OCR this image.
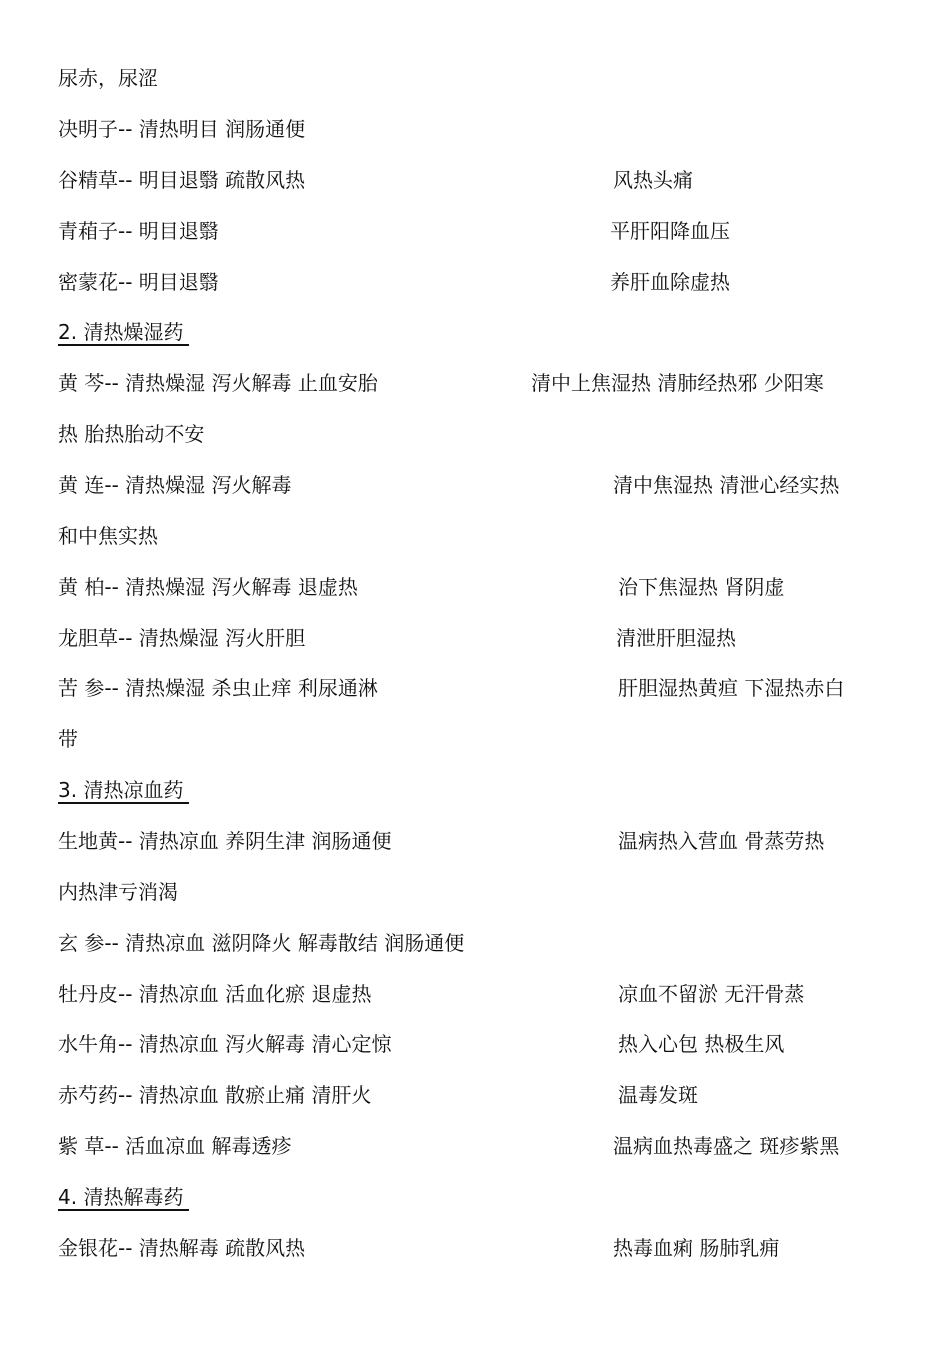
尿赤，尿涩
决明子-- 清热明目 润肠通便
谷精草-- 明目退翳 疏散风热	风热头痛
青葙子-- 明目退翳	平肝阳降血压
密蒙花-- 明目退翳	养肝血除虚热
2. 清热燥湿药
黄 芩-- 清热燥湿 泻火解毒 止血安胎	清中上焦湿热 清肺经热邪 少阳寒
热 胎热胎动不安
黄 连-- 清热燥湿 泻火解毒	清中焦湿热 清泄心经实热
和中焦实热
黄 柏-- 清热燥湿 泻火解毒 退虚热	治下焦湿热 肾阴虚
龙胆草-- 清热燥湿 泻火肝胆	清泄肝胆湿热
苦 参-- 清热燥湿 杀虫止痒 利尿通淋	肝胆湿热黄疸 下湿热赤白
带
3. 清热凉血药
生地黄-- 清热凉血 养阴生津 润肠通便	温病热入营血 骨蒸劳热
内热津亏消渴
玄 参-- 清热凉血 滋阴降火 解毒散结 润肠通便
牡丹皮-- 清热凉血 活血化瘀 退虚热	凉血不留淤 无汗骨蒸
水牛角-- 清热凉血 泻火解毒 清心定惊	热入心包 热极生风
赤芍药-- 清热凉血 散瘀止痛 清肝火	温毒发斑
紫 草-- 活血凉血 解毒透疹	温病血热毒盛之 斑疹紫黑
4. 清热解毒药
金银花-- 清热解毒 疏散风热	热毒血痢 肠肺乳痈
